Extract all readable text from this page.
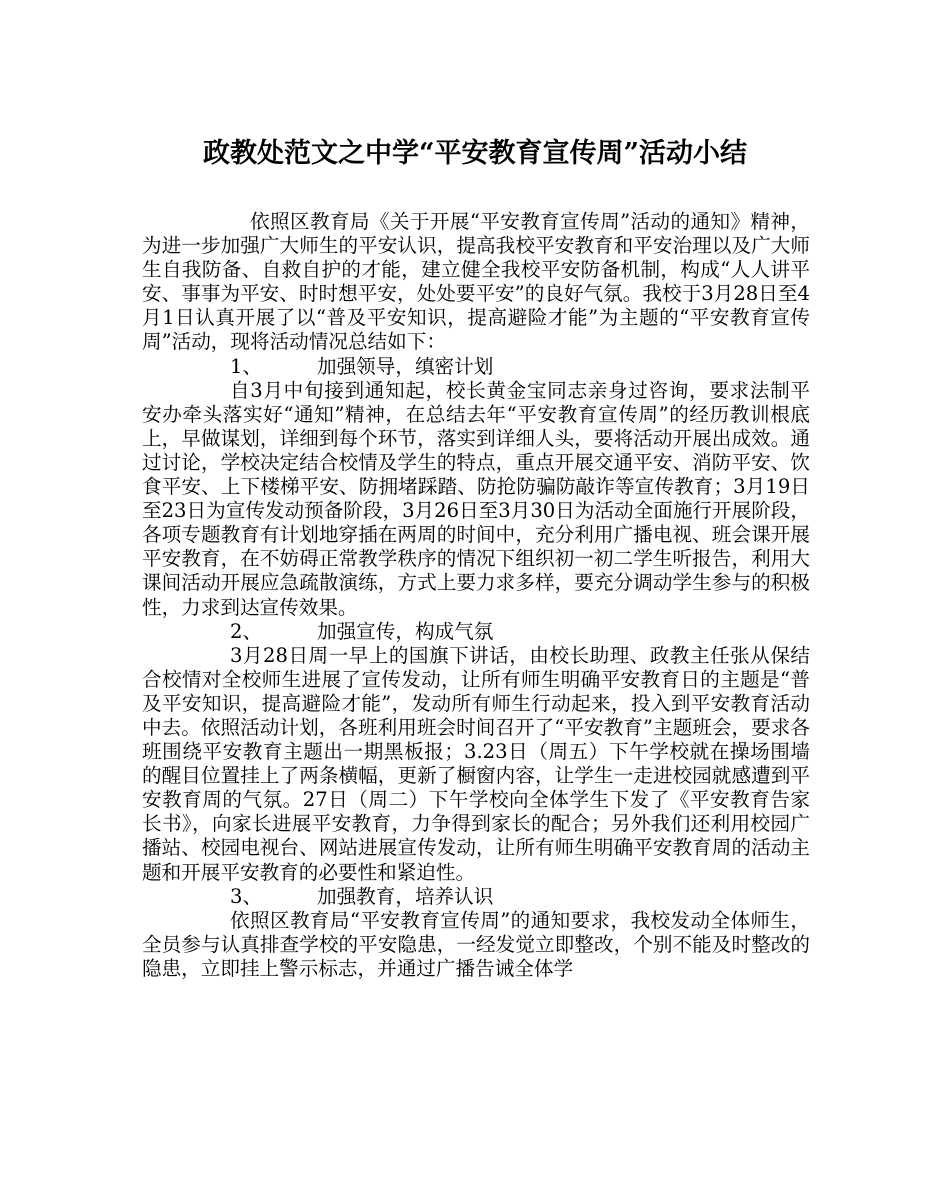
政教处范文之中学“平安教育宣传周”活动小结

依照区教育局《关于开展“平安教育宣传周”活动的通知》精神，为进一步加强广大师生的平安认识，提高我校平安教育和平安治理以及广大师生自我防备、自救自护的才能，建立健全我校平安防备机制，构成“人人讲平安、事事为平安、时时想平安，处处要平安”的良好气氛。我校于3月28日至4月1日认真开展了以“普及平安知识，提高避险才能”为主题的“平安教育宣传周”活动，现将活动情况总结如下：

1、	加强领导，缜密计划

自3月中旬接到通知起，校长黄金宝同志亲身过咨询，要求法制平安办牵头落实好“通知”精神，在总结去年“平安教育宣传周”的经历教训根底上，早做谋划，详细到每个环节，落实到详细人头，要将活动开展出成效。通过讨论，学校决定结合校情及学生的特点，重点开展交通平安、消防平安、饮食平安、上下楼梯平安、防拥堵踩踏、防抢防骗防敲诈等宣传教育；3月19日至23日为宣传发动预备阶段，3月26日至3月30日为活动全面施行开展阶段，各项专题教育有计划地穿插在两周的时间中，充分利用广播电视、班会课开展平安教育，在不妨碍正常教学秩序的情况下组织初一初二学生听报告，利用大课间活动开展应急疏散演练，方式上要力求多样，要充分调动学生参与的积极性，力求到达宣传效果。

2、	加强宣传，构成气氛

3月28日周一早上的国旗下讲话，由校长助理、政教主任张从保结合校情对全校师生进展了宣传发动，让所有师生明确平安教育日的主题是“普及平安知识，提高避险才能”，发动所有师生行动起来，投入到平安教育活动中去。依照活动计划，各班利用班会时间召开了“平安教育”主题班会，要求各班围绕平安教育主题出一期黑板报；3.23日（周五）下午学校就在操场围墙的醒目位置挂上了两条横幅，更新了橱窗内容，让学生一走进校园就感遭到平安教育周的气氛。27日（周二）下午学校向全体学生下发了《平安教育告家长书》，向家长进展平安教育，力争得到家长的配合；另外我们还利用校园广播站、校园电视台、网站进展宣传发动，让所有师生明确平安教育周的活动主题和开展平安教育的必要性和紧迫性。

3、	加强教育，培养认识

依照区教育局“平安教育宣传周”的通知要求，我校发动全体师生，全员参与认真排查学校的平安隐患，一经发觉立即整改，个别不能及时整改的隐患，立即挂上警示标志，并通过广播告诫全体学
